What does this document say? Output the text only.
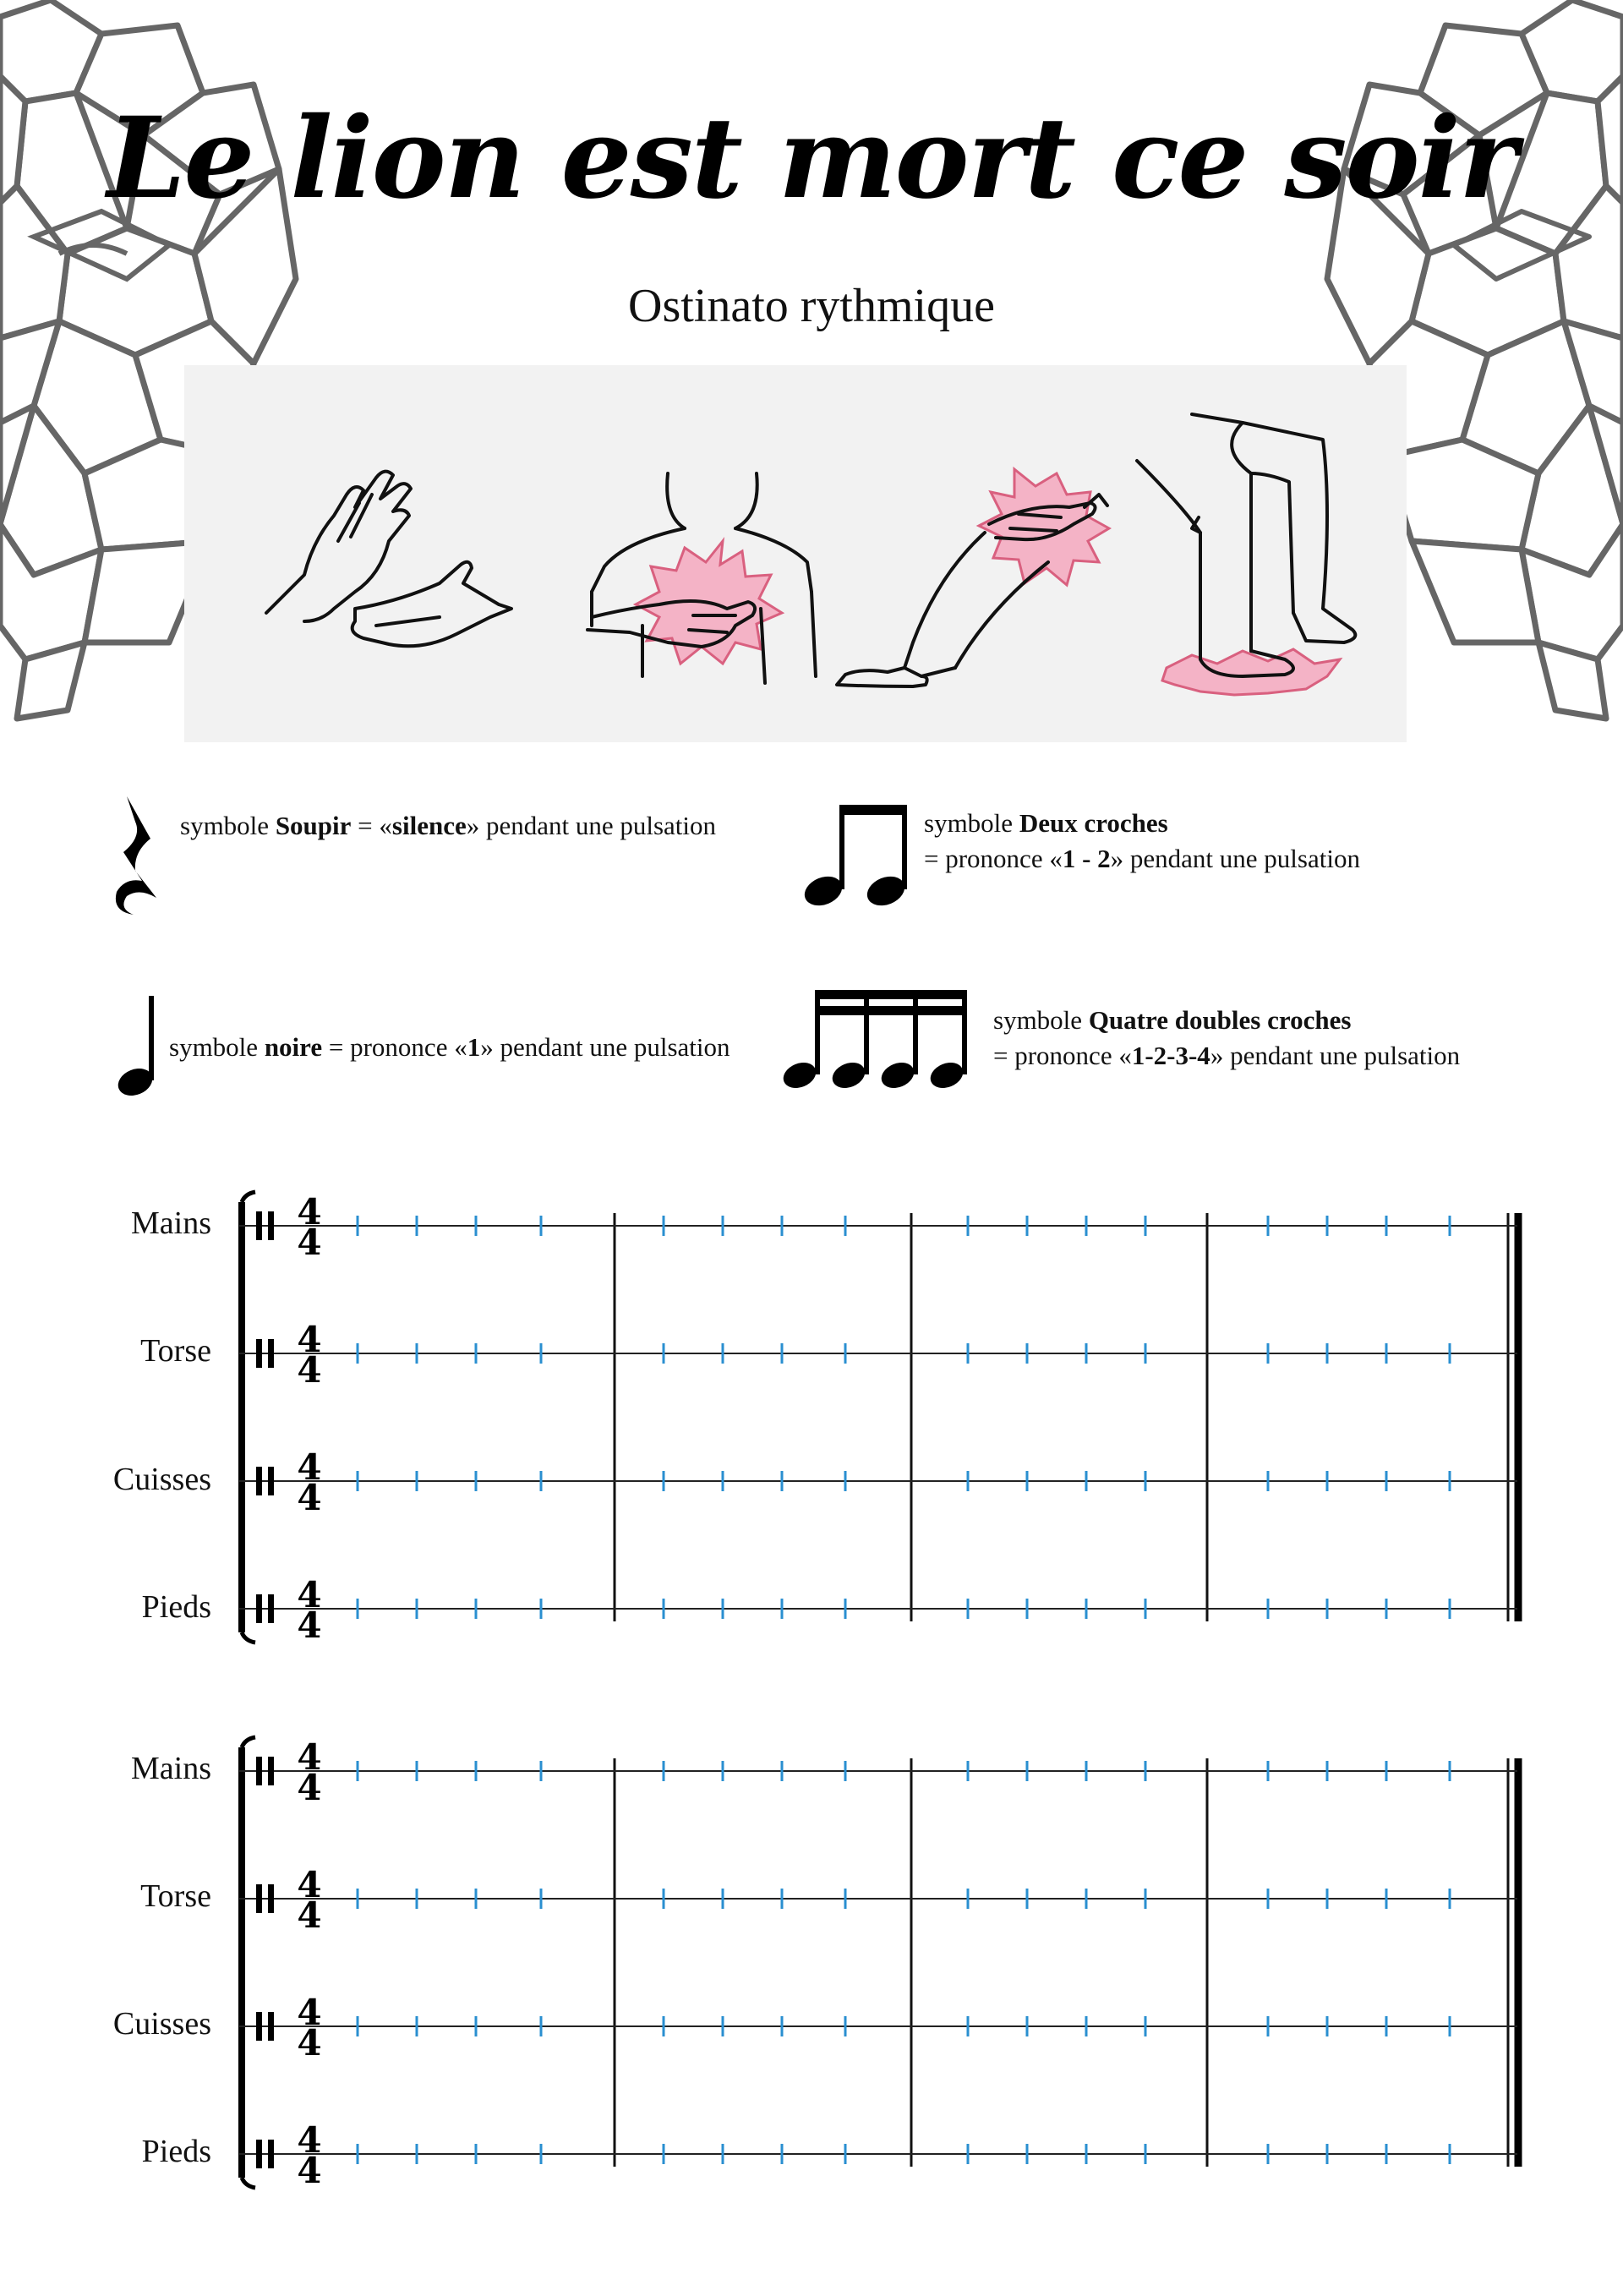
4
4
4
4
4
4
4
4
4
4
4
4
4
4
4
4
Le lion est mort ce soir
Ostinato rythmique
symbole Soupir = «silence» pendant une pulsation	symbole Deux croches
= prononce «1 - 2» pendant une pulsation
symbole noire = prononce «1» pendant une pulsation
symbole Quatre doubles croches
= prononce «1-2-3-4» pendant une pulsation
Mains
Torse
Cuisses
Pieds
Mains
Torse
Cuisses
Pieds
